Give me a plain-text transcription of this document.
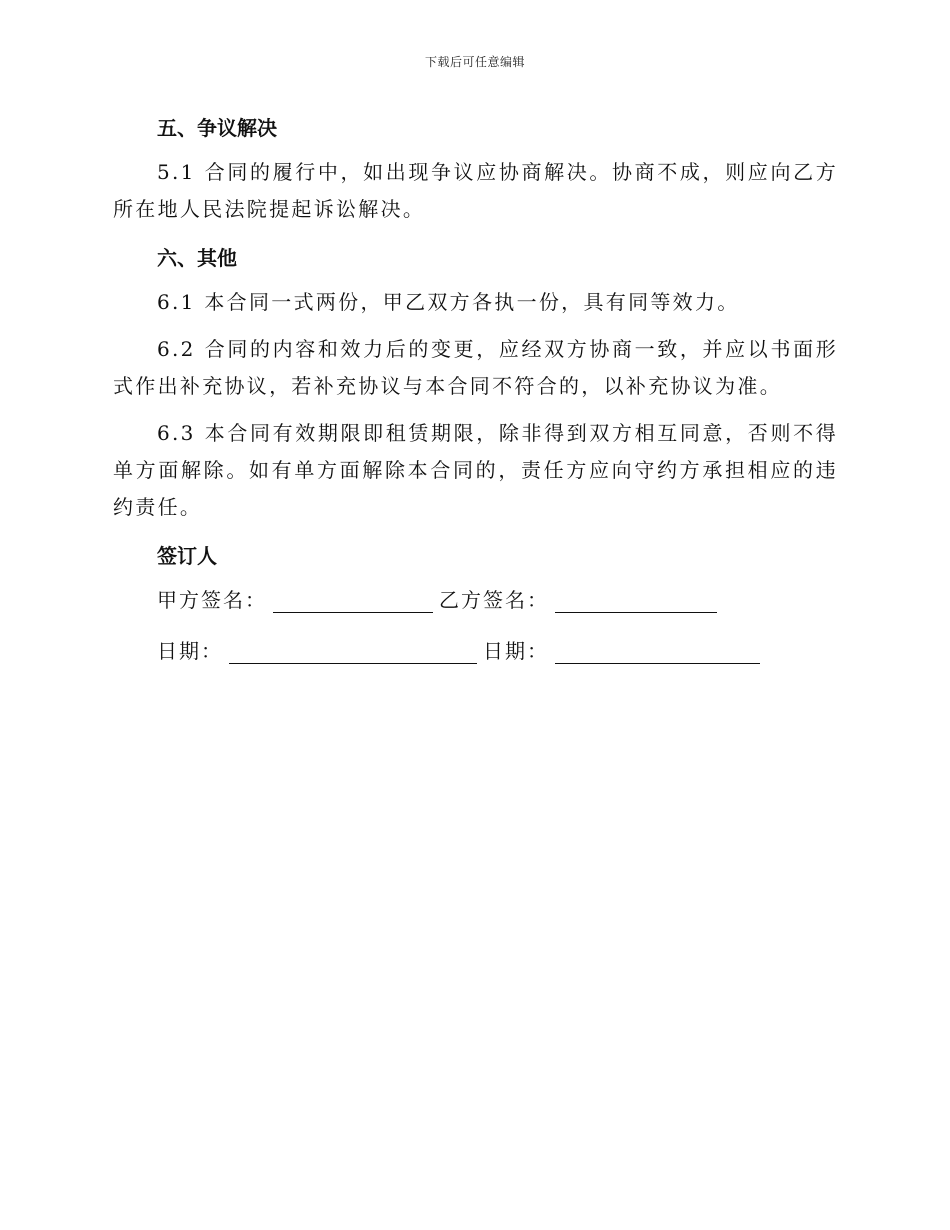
下载后可任意编辑
五、争议解决

5.1 合同的履行中，如出现争议应协商解决。协商不成，则应向乙方所在地人民法院提起诉讼解决。

六、其他

6.1 本合同一式两份，甲乙双方各执一份，具有同等效力。

6.2 合同的内容和效力后的变更，应经双方协商一致，并应以书面形式作出补充协议，若补充协议与本合同不符合的，以补充协议为准。

6.3 本合同有效期限即租赁期限，除非得到双方相互同意，否则不得单方面解除。如有单方面解除本合同的，责任方应向守约方承担相应的违约责任。

签订人
甲方签名：	乙方签名：
日期：	日期：
